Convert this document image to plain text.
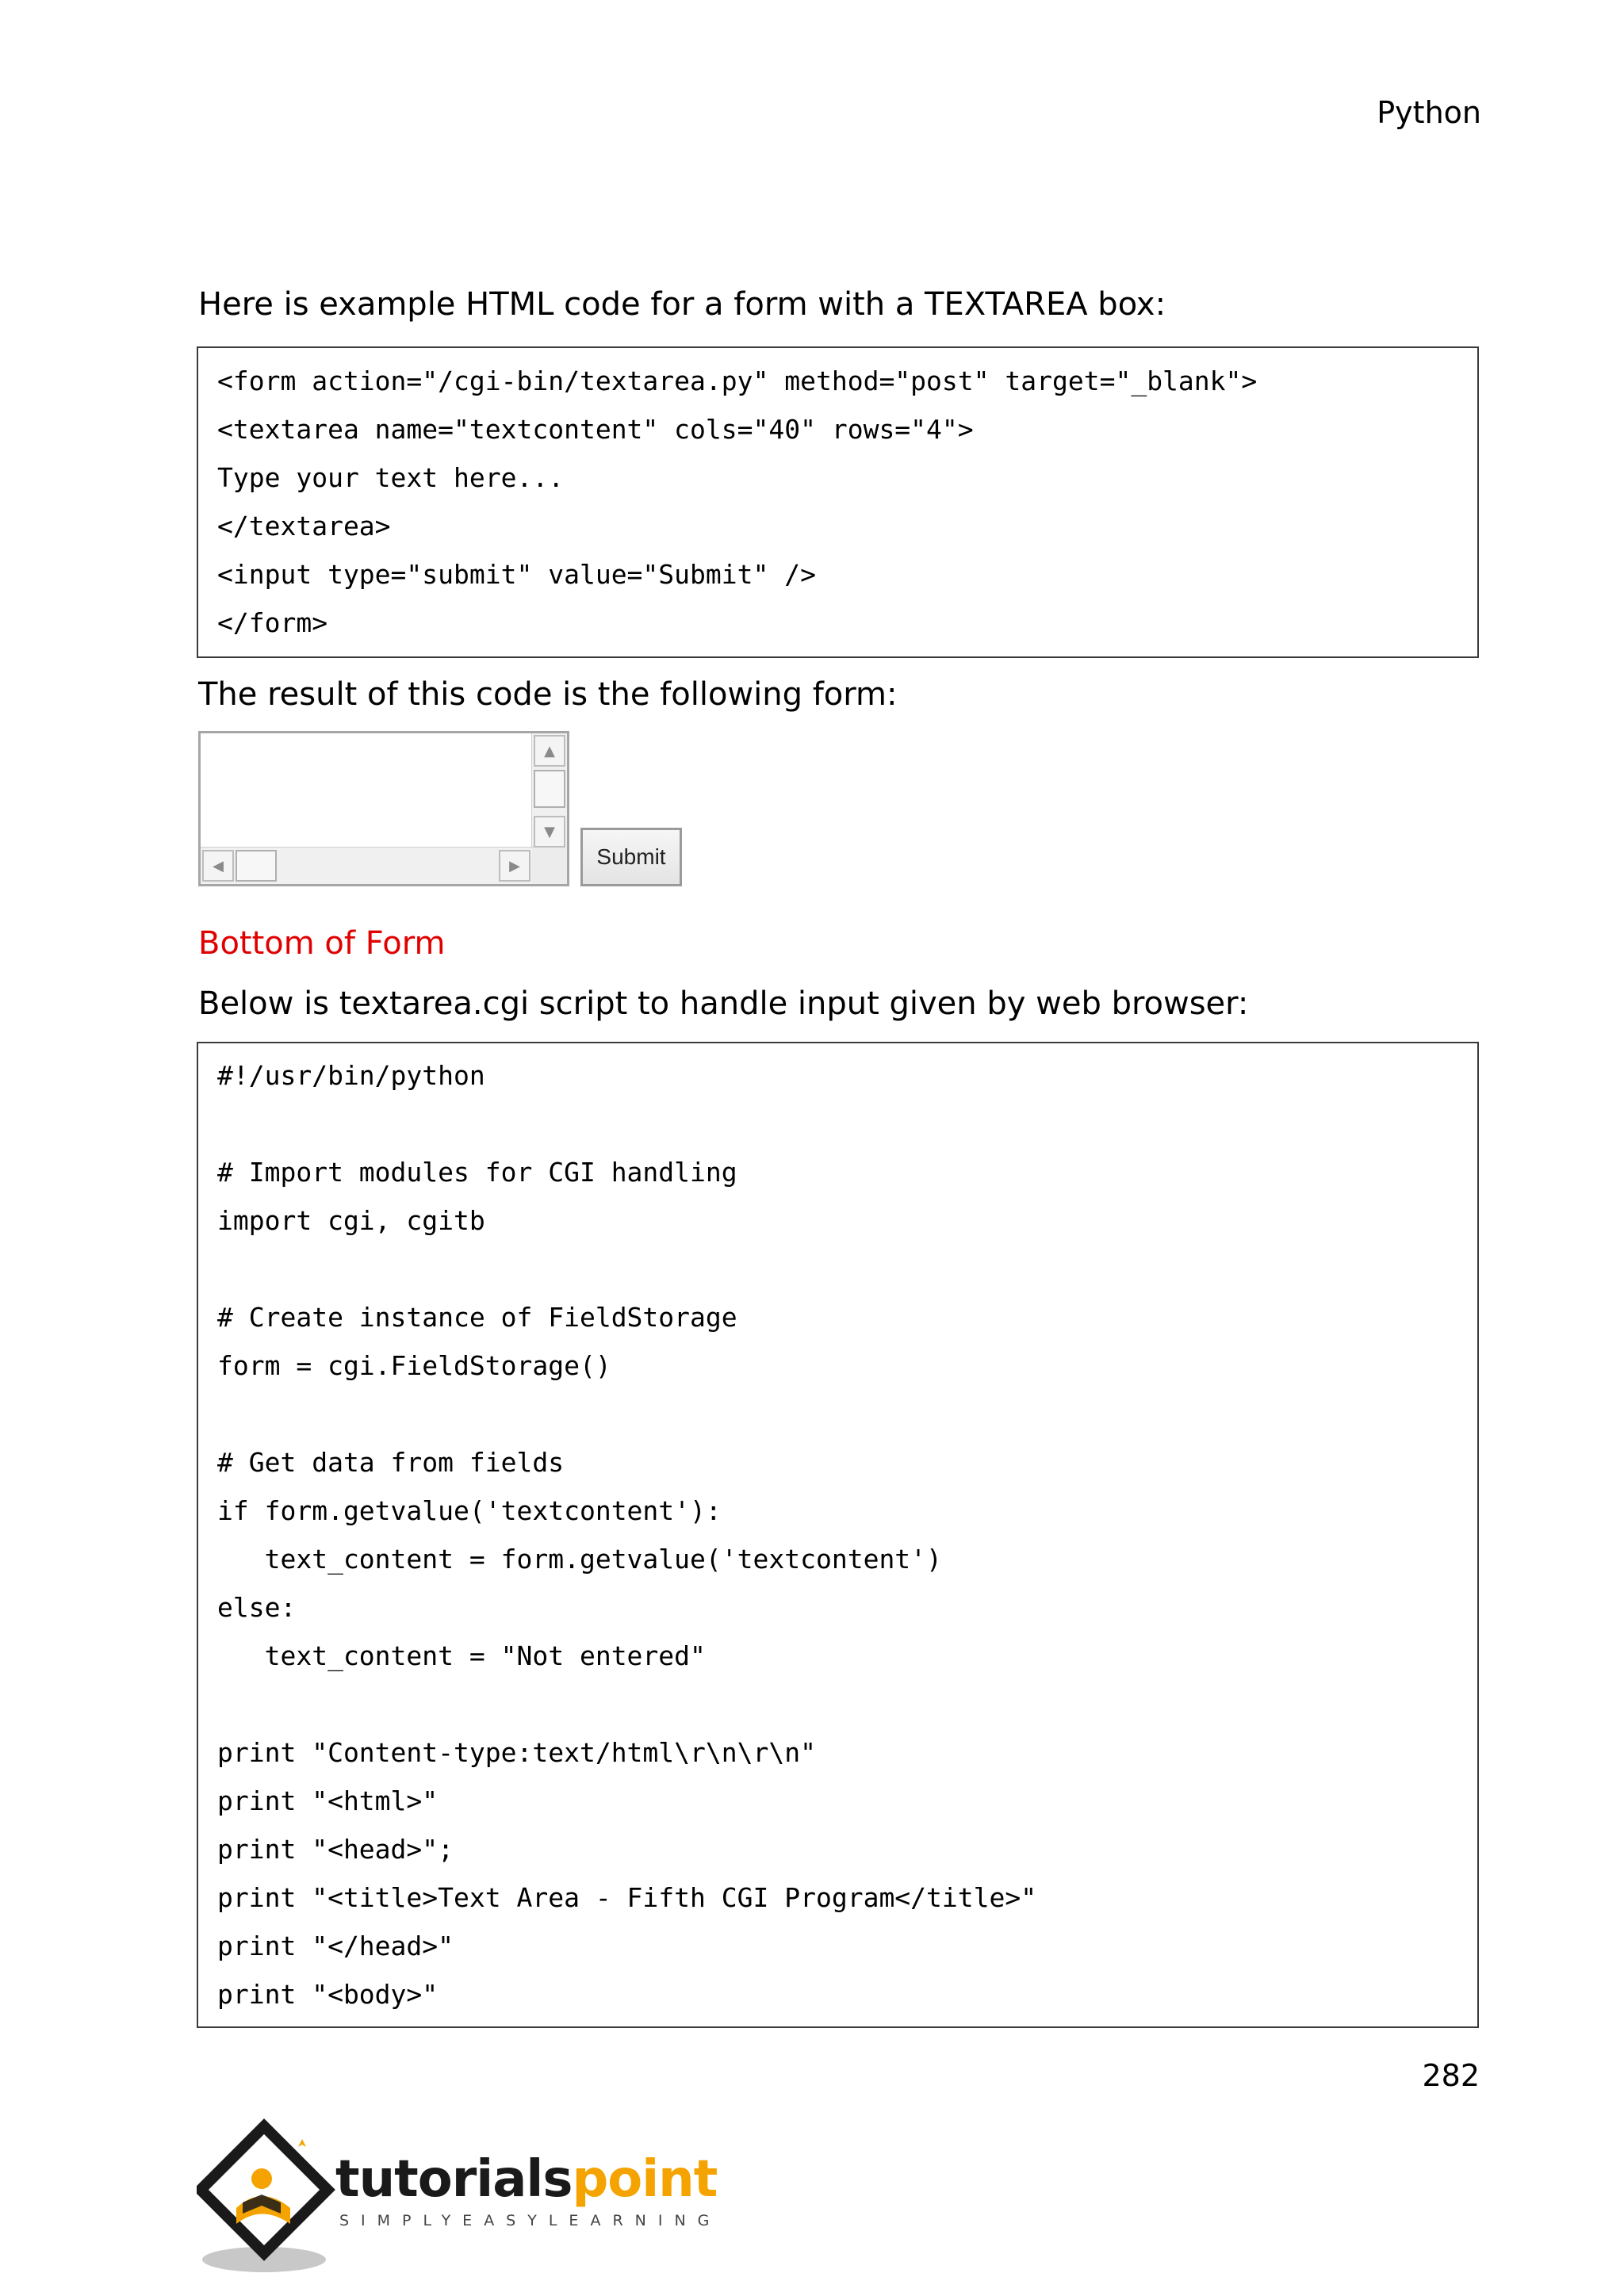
Python
Here is example HTML code for a form with a TEXTAREA box:
<form action="/cgi-bin/textarea.py" method="post" target="_blank">
<textarea name="textcontent" cols="40" rows="4">
Type your text here...
</textarea>
<input type="submit" value="Submit" />
</form>
The result of this code is the following form:
▲
▼
◀	▶	Submit
Bottom of Form
Below is textarea.cgi script to handle input given by web browser:
#!/usr/bin/python
# Import modules for CGI handling
import cgi, cgitb
# Create instance of FieldStorage
form = cgi.FieldStorage()
# Get data from fields
if form.getvalue('textcontent'):
text_content = form.getvalue('textcontent')
else:
text_content = "Not entered"
print "Content-type:text/html\r\n\r\n"
print "<html>"
print "<head>";
print "<title>Text Area - Fifth CGI Program</title>"
print "</head>"
print "<body>"
282
tutorialspoint
SIMPLYEASYLEARNING
